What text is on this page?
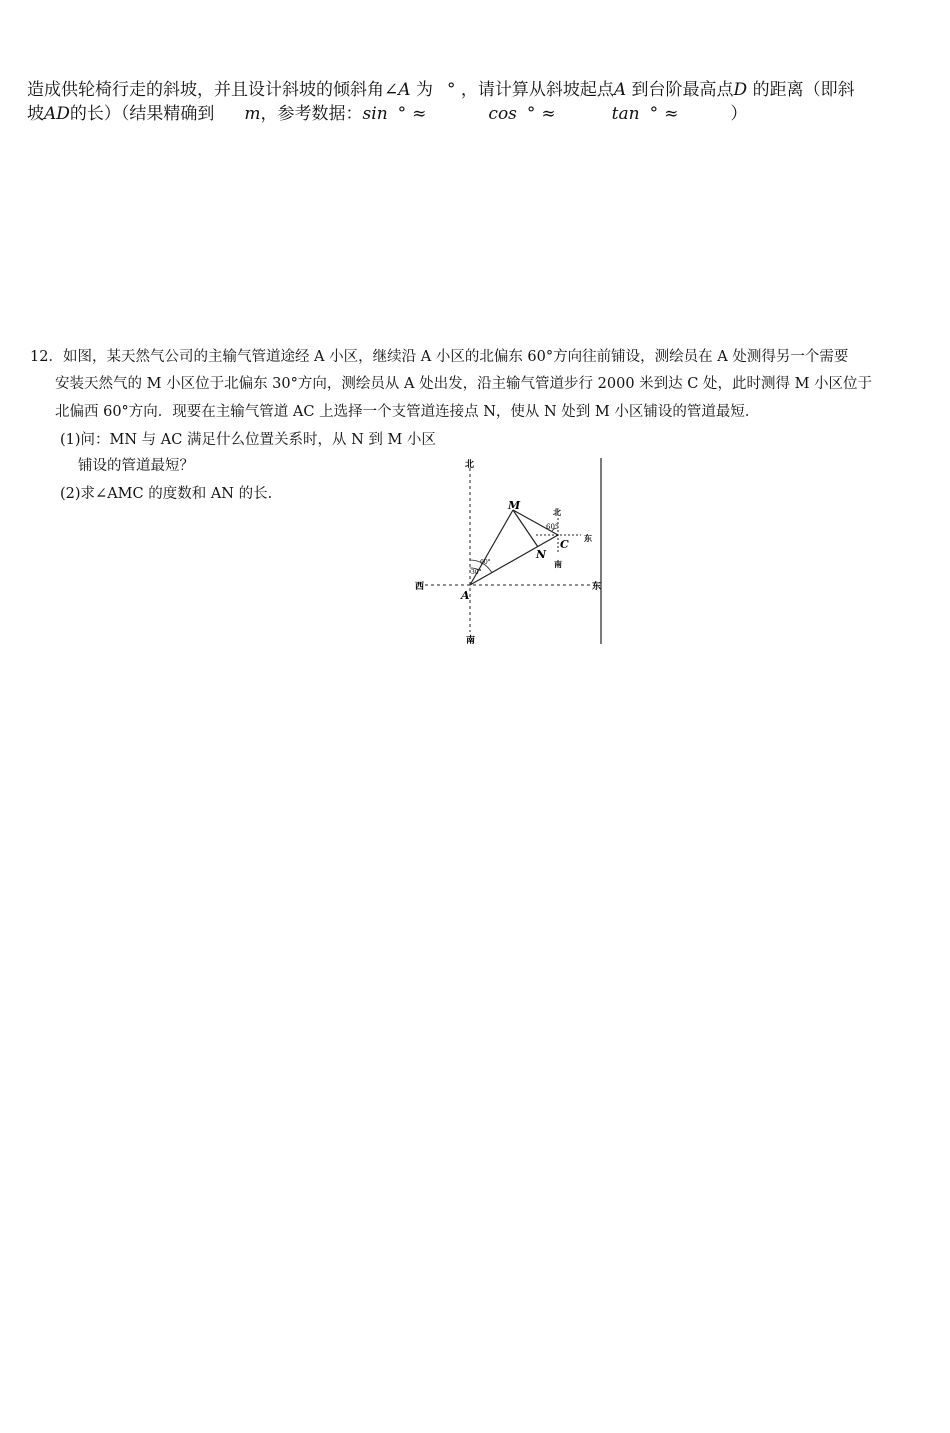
造成供轮椅行走的斜坡，并且设计斜坡的倾斜角∠A 为 ° ，请计算从斜坡起点A 到台阶最高点D 的距离（即斜
坡AD的长）（结果精确到 m，参考数据：sin ° ≈	cos ° ≈	tan ° ≈	）
12．如图，某天然气公司的主输气管道途经 A 小区，继续沿 A 小区的北偏东 60°方向往前铺设，测绘员在 A 处测得另一个需要
安装天然气的 M 小区位于北偏东 30°方向，测绘员从 A 处出发，沿主输气管道步行 2000 米到达 C 处，此时测得 M 小区位于
北偏西 60°方向．现要在主输气管道 AC 上选择一个支管道连接点 N，使从 N 处到 M 小区铺设的管道最短．
(1)问：MN 与 AC 满足什么位置关系时，从 N 到 M 小区
铺设的管道最短？
(2)求∠AMC 的度数和 AN 的长.
北
南
西	东
A
M
N
C
北
南
东
60°
60°
30°
